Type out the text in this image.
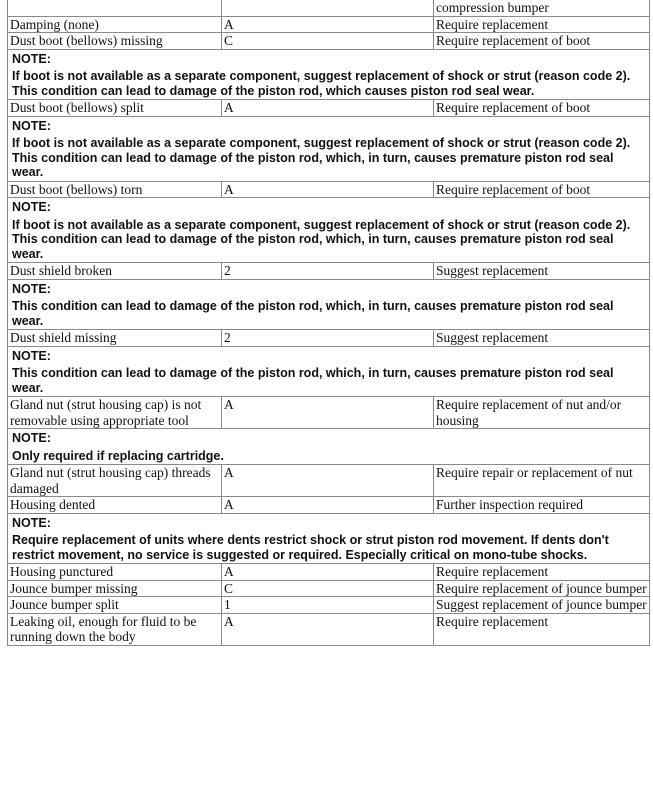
		compression bumper
Damping (none)	A	Require replacement
Dust boot (bellows) missing	C	Require replacement of boot

NOTE:
If boot is not available as a separate component, suggest replacement of shock or strut (reason code 2). This condition can lead to damage of the piston rod, which causes piston rod seal wear.		

Dust boot (bellows) split	A	Require replacement of boot

NOTE:
If boot is not available as a separate component, suggest replacement of shock or strut (reason code 2). This condition can lead to damage of the piston rod, which, in turn, causes premature piston rod seal wear.		

Dust boot (bellows) torn	A	Require replacement of boot

NOTE:
If boot is not available as a separate component, suggest replacement of shock or strut (reason code 2). This condition can lead to damage of the piston rod, which, in turn, causes premature piston rod seal wear.		

Dust shield broken	2	Suggest replacement

NOTE:
This condition can lead to damage of the piston rod, which, in turn, causes premature piston rod seal wear.		

Dust shield missing	2	Suggest replacement

NOTE:
This condition can lead to damage of the piston rod, which, in turn, causes premature piston rod seal wear.		

Gland nut (strut housing cap) is not removable using appropriate tool	A	Require replacement of nut and/or housing

NOTE:
Only required if replacing cartridge.		

Gland nut (strut housing cap) threads damaged	A	Require repair or replacement of nut
Housing dented	A	Further inspection required

NOTE:
Require replacement of units where dents restrict shock or strut piston rod movement. If dents don't restrict movement, no service is suggested or required. Especially critical on mono-tube shocks.		

Housing punctured	A	Require replacement
Jounce bumper missing	C	Require replacement of jounce bumper
Jounce bumper split	1	Suggest replacement of jounce bumper
Leaking oil, enough for fluid to be running down the body	A	Require replacement
